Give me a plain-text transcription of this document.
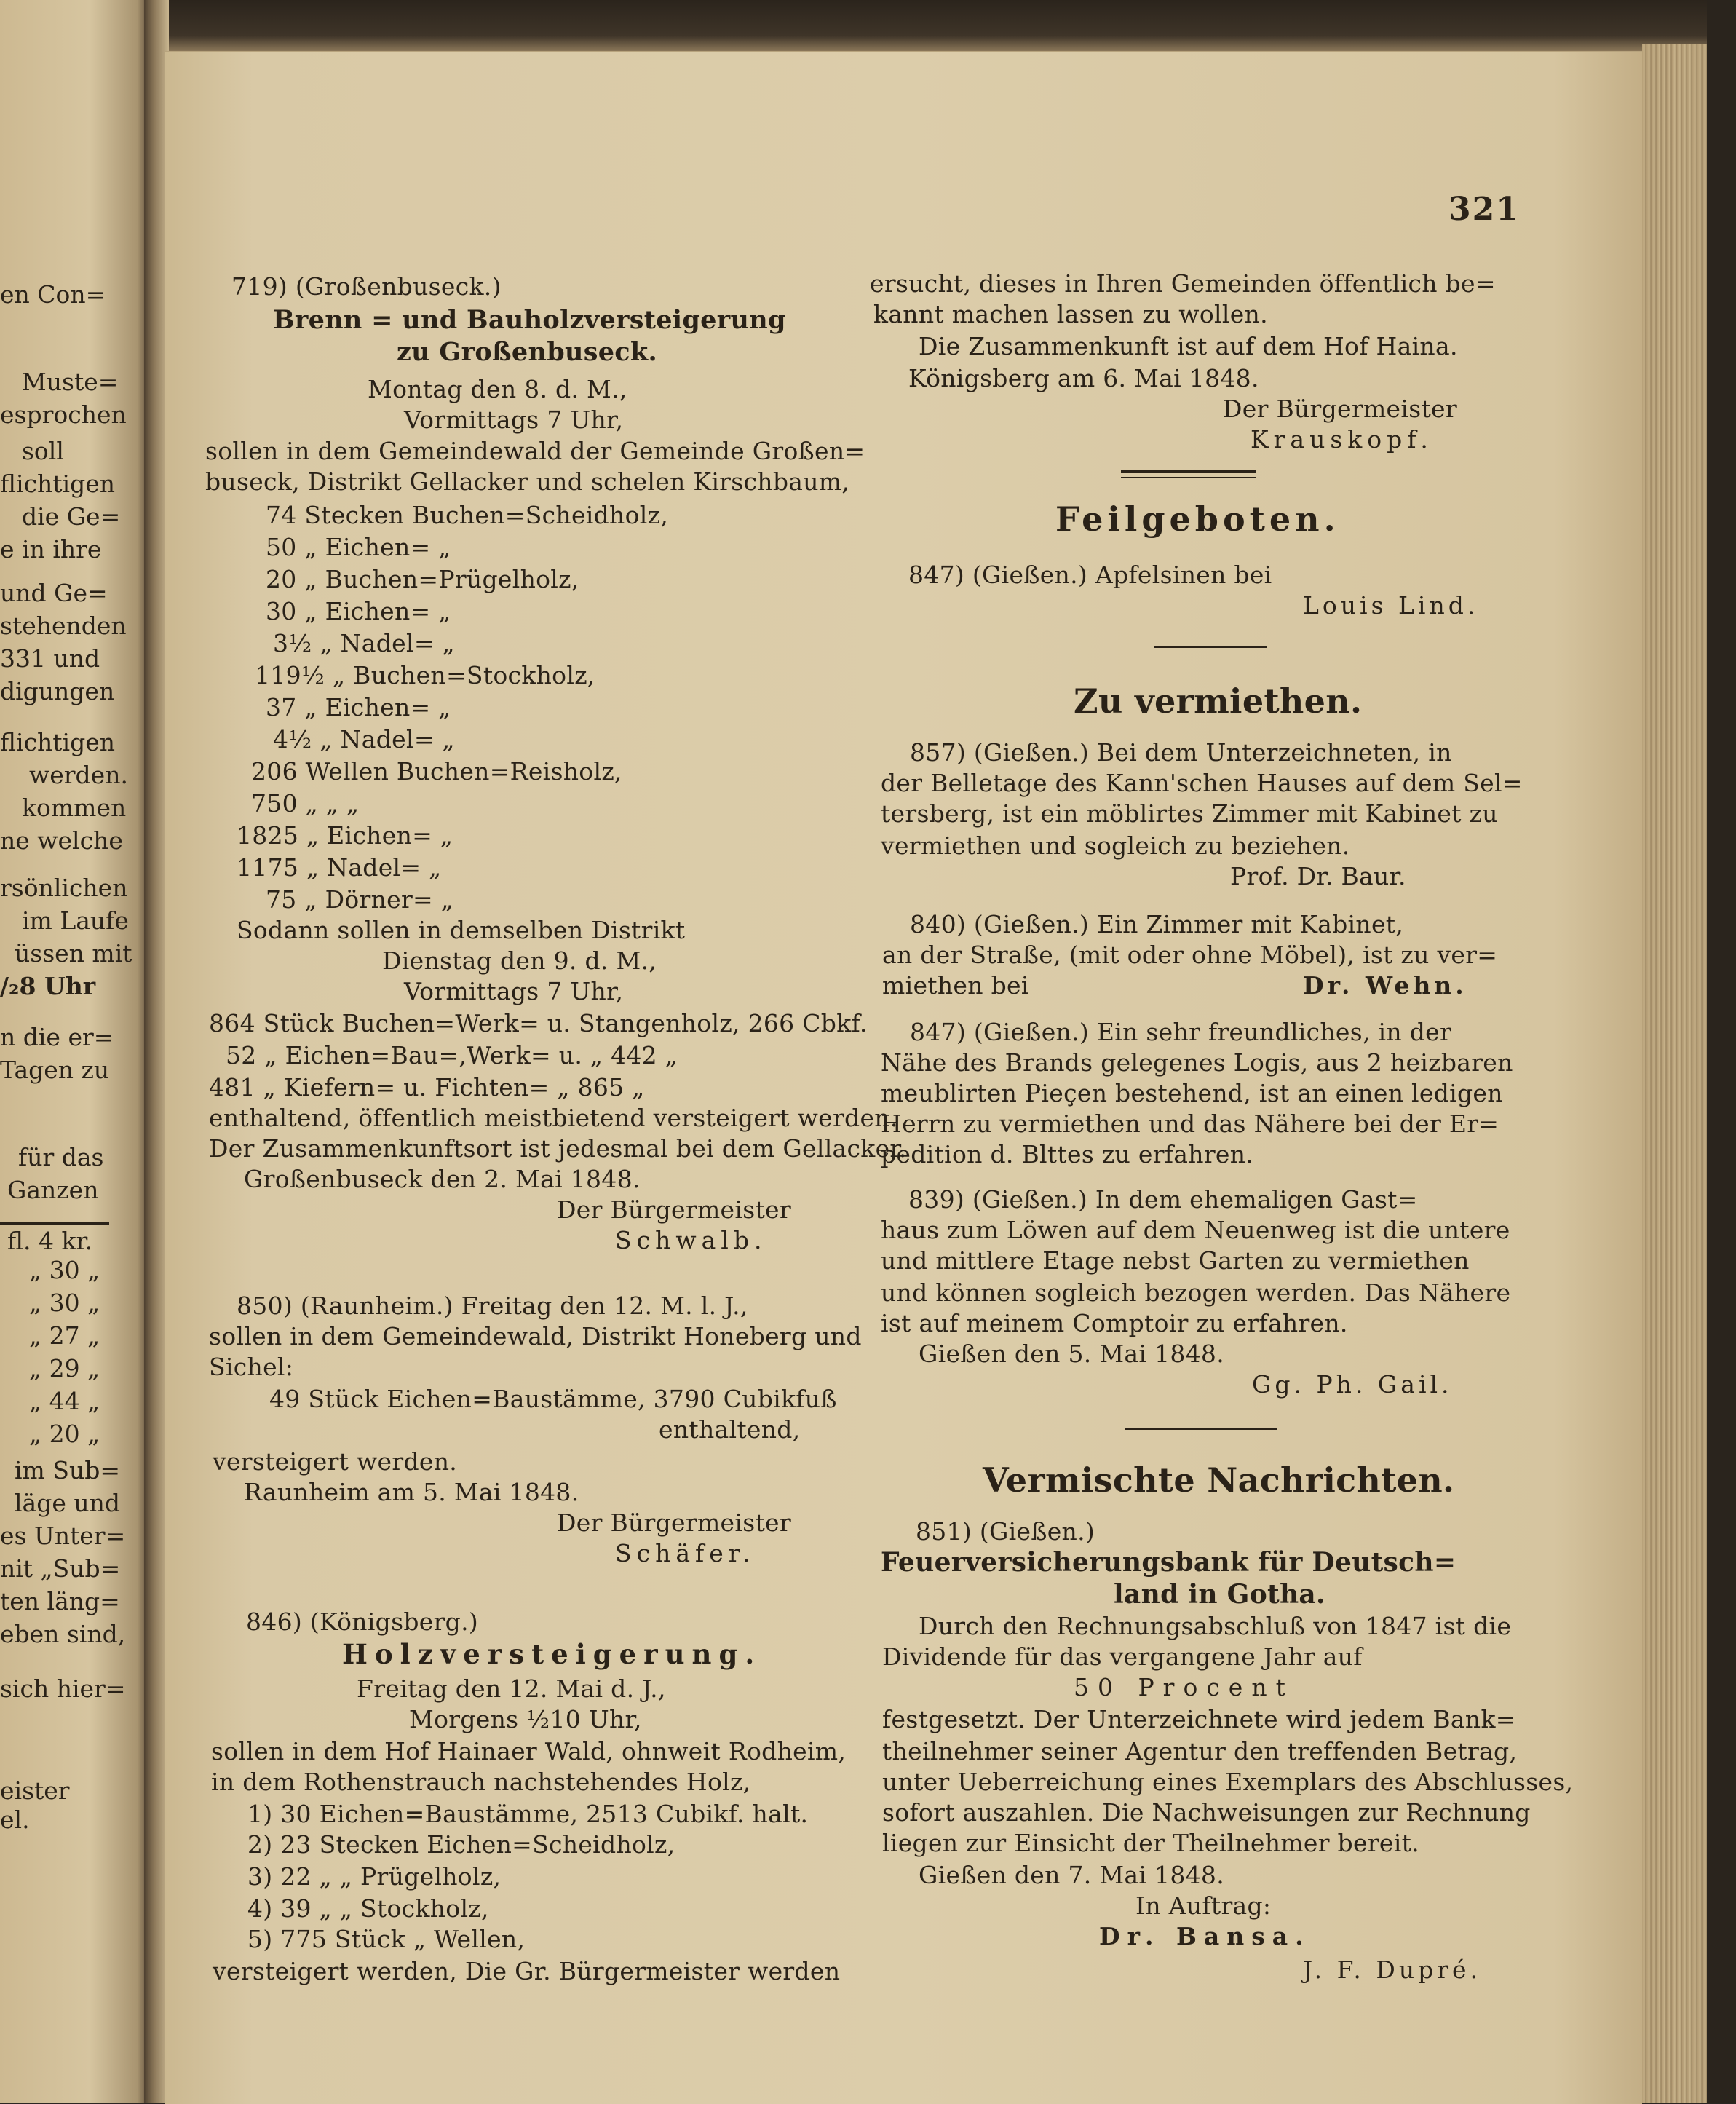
321
en Con=
Muste=
esprochen
soll
flichtigen
die Ge=
e in ihre
und Ge=
stehenden
331 und
digungen
flichtigen
werden.
kommen
ne welche
rsönlichen
im Laufe
üssen mit
/₂8 Uhr
n die er=
Tagen zu
für das
Ganzen
fl. 4 kr.
„ 30 „
„ 30 „
„ 27 „
„ 29 „
„ 44 „
„ 20 „
im Sub=
läge und
es Unter=
nit „Sub=
ten läng=
eben sind,
sich hier=
eister
el.
719) (Großenbuseck.)
Brenn = und Bauholzversteigerung
zu Großenbuseck.
Montag den 8. d. M.,
Vormittags 7 Uhr,
sollen in dem Gemeindewald der Gemeinde Großen=
buseck, Distrikt Gellacker und schelen Kirschbaum,
74 Stecken Buchen=Scheidholz,
50 „ Eichen= „
20 „ Buchen=Prügelholz,
30 „ Eichen= „
3½ „ Nadel= „
119½ „ Buchen=Stockholz,
37 „ Eichen= „
4½ „ Nadel= „
206 Wellen Buchen=Reisholz,
750 „ „ „
1825 „ Eichen= „
1175 „ Nadel= „
75 „ Dörner= „
Sodann sollen in demselben Distrikt
Dienstag den 9. d. M.,
Vormittags 7 Uhr,
864 Stück Buchen=Werk= u. Stangenholz, 266 Cbkf.
52 „ Eichen=Bau=,Werk= u. „ 442 „
481 „ Kiefern= u. Fichten= „ 865 „
enthaltend, öffentlich meistbietend versteigert werden.
Der Zusammenkunftsort ist jedesmal bei dem Gellacker.
Großenbuseck den 2. Mai 1848.
Der Bürgermeister
Schwalb.
850) (Raunheim.) Freitag den 12. M. l. J.,
sollen in dem Gemeindewald, Distrikt Honeberg und
Sichel:
49 Stück Eichen=Baustämme, 3790 Cubikfuß
enthaltend,
versteigert werden.
Raunheim am 5. Mai 1848.
Der Bürgermeister
Schäfer.
846) (Königsberg.)
Holzversteigerung.
Freitag den 12. Mai d. J.,
Morgens ½10 Uhr,
sollen in dem Hof Hainaer Wald, ohnweit Rodheim,
in dem Rothenstrauch nachstehendes Holz,
1) 30 Eichen=Baustämme, 2513 Cubikf. halt.
2) 23 Stecken Eichen=Scheidholz,
3) 22 „ „ Prügelholz,
4) 39 „ „ Stockholz,
5) 775 Stück „ Wellen,
versteigert werden, Die Gr. Bürgermeister werden
ersucht, dieses in Ihren Gemeinden öffentlich be=
kannt machen lassen zu wollen.
Die Zusammenkunft ist auf dem Hof Haina.
Königsberg am 6. Mai 1848.
Der Bürgermeister
Krauskopf.
Feilgeboten.
847) (Gießen.) Apfelsinen bei
Louis Lind.
Zu vermiethen.
857) (Gießen.) Bei dem Unterzeichneten, in
der Belletage des Kann'schen Hauses auf dem Sel=
tersberg, ist ein möblirtes Zimmer mit Kabinet zu
vermiethen und sogleich zu beziehen.
Prof. Dr. Baur.
840) (Gießen.) Ein Zimmer mit Kabinet,
an der Straße, (mit oder ohne Möbel), ist zu ver=
miethen bei	Dr. Wehn.
847) (Gießen.) Ein sehr freundliches, in der
Nähe des Brands gelegenes Logis, aus 2 heizbaren
meublirten Pieçen bestehend, ist an einen ledigen
Herrn zu vermiethen und das Nähere bei der Er=
pedition d. Blttes zu erfahren.
839) (Gießen.) In dem ehemaligen Gast=
haus zum Löwen auf dem Neuenweg ist die untere
und mittlere Etage nebst Garten zu vermiethen
und können sogleich bezogen werden. Das Nähere
ist auf meinem Comptoir zu erfahren.
Gießen den 5. Mai 1848.
Gg. Ph. Gail.
Vermischte Nachrichten.
851) (Gießen.)
Feuerversicherungsbank für Deutsch=
land in Gotha.
Durch den Rechnungsabschluß von 1847 ist die
Dividende für das vergangene Jahr auf
50 Procent
festgesetzt. Der Unterzeichnete wird jedem Bank=
theilnehmer seiner Agentur den treffenden Betrag,
unter Ueberreichung eines Exemplars des Abschlusses,
sofort auszahlen. Die Nachweisungen zur Rechnung
liegen zur Einsicht der Theilnehmer bereit.
Gießen den 7. Mai 1848.
In Auftrag:
Dr. Bansa.
J. F. Dupré.
